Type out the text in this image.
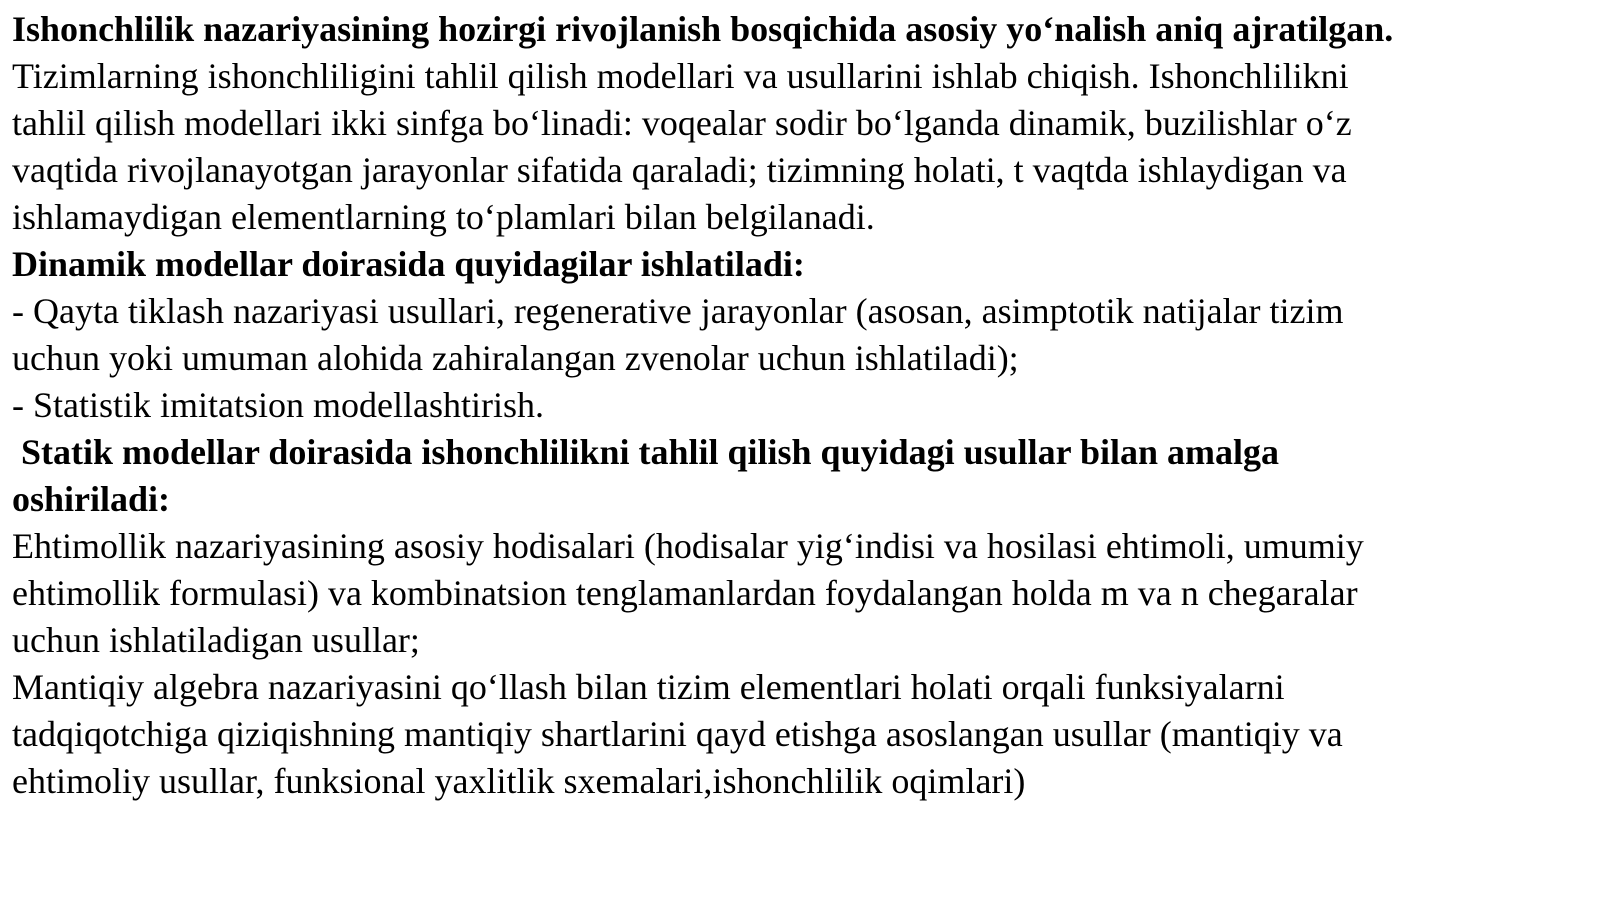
Ishonchlilik nazariyasining hozirgi rivojlanish bosqichida asosiy yo‘nalish aniq ajratilgan.
Tizimlarning ishonchliligini tahlil qilish modellari va usullarini ishlab chiqish. Ishonchlilikni
tahlil qilish modellari ikki sinfga bo‘linadi: voqealar sodir bo‘lganda dinamik, buzilishlar o‘z
vaqtida rivojlanayotgan jarayonlar sifatida qaraladi; tizimning holati, t vaqtda ishlaydigan va
ishlamaydigan elementlarning to‘plamlari bilan belgilanadi.
Dinamik modellar doirasida quyidagilar ishlatiladi:
- Qayta tiklash nazariyasi usullari, regenerative jarayonlar (asosan, asimptotik natijalar tizim
uchun yoki umuman alohida zahiralangan zvenolar uchun ishlatiladi);
- Statistik imitatsion modellashtirish.
Statik modellar doirasida ishonchlilikni tahlil qilish quyidagi usullar bilan amalga
oshiriladi:
Ehtimollik nazariyasining asosiy hodisalari (hodisalar yig‘indisi va hosilasi ehtimoli, umumiy
ehtimollik formulasi) va kombinatsion tenglamanlardan foydalangan holda m va n chegaralar
uchun ishlatiladigan usullar;
Mantiqiy algebra nazariyasini qo‘llash bilan tizim elementlari holati orqali funksiyalarni
tadqiqotchiga qiziqishning mantiqiy shartlarini qayd etishga asoslangan usullar (mantiqiy va
ehtimoliy usullar, funksional yaxlitlik sxemalari,ishonchlilik oqimlari)
